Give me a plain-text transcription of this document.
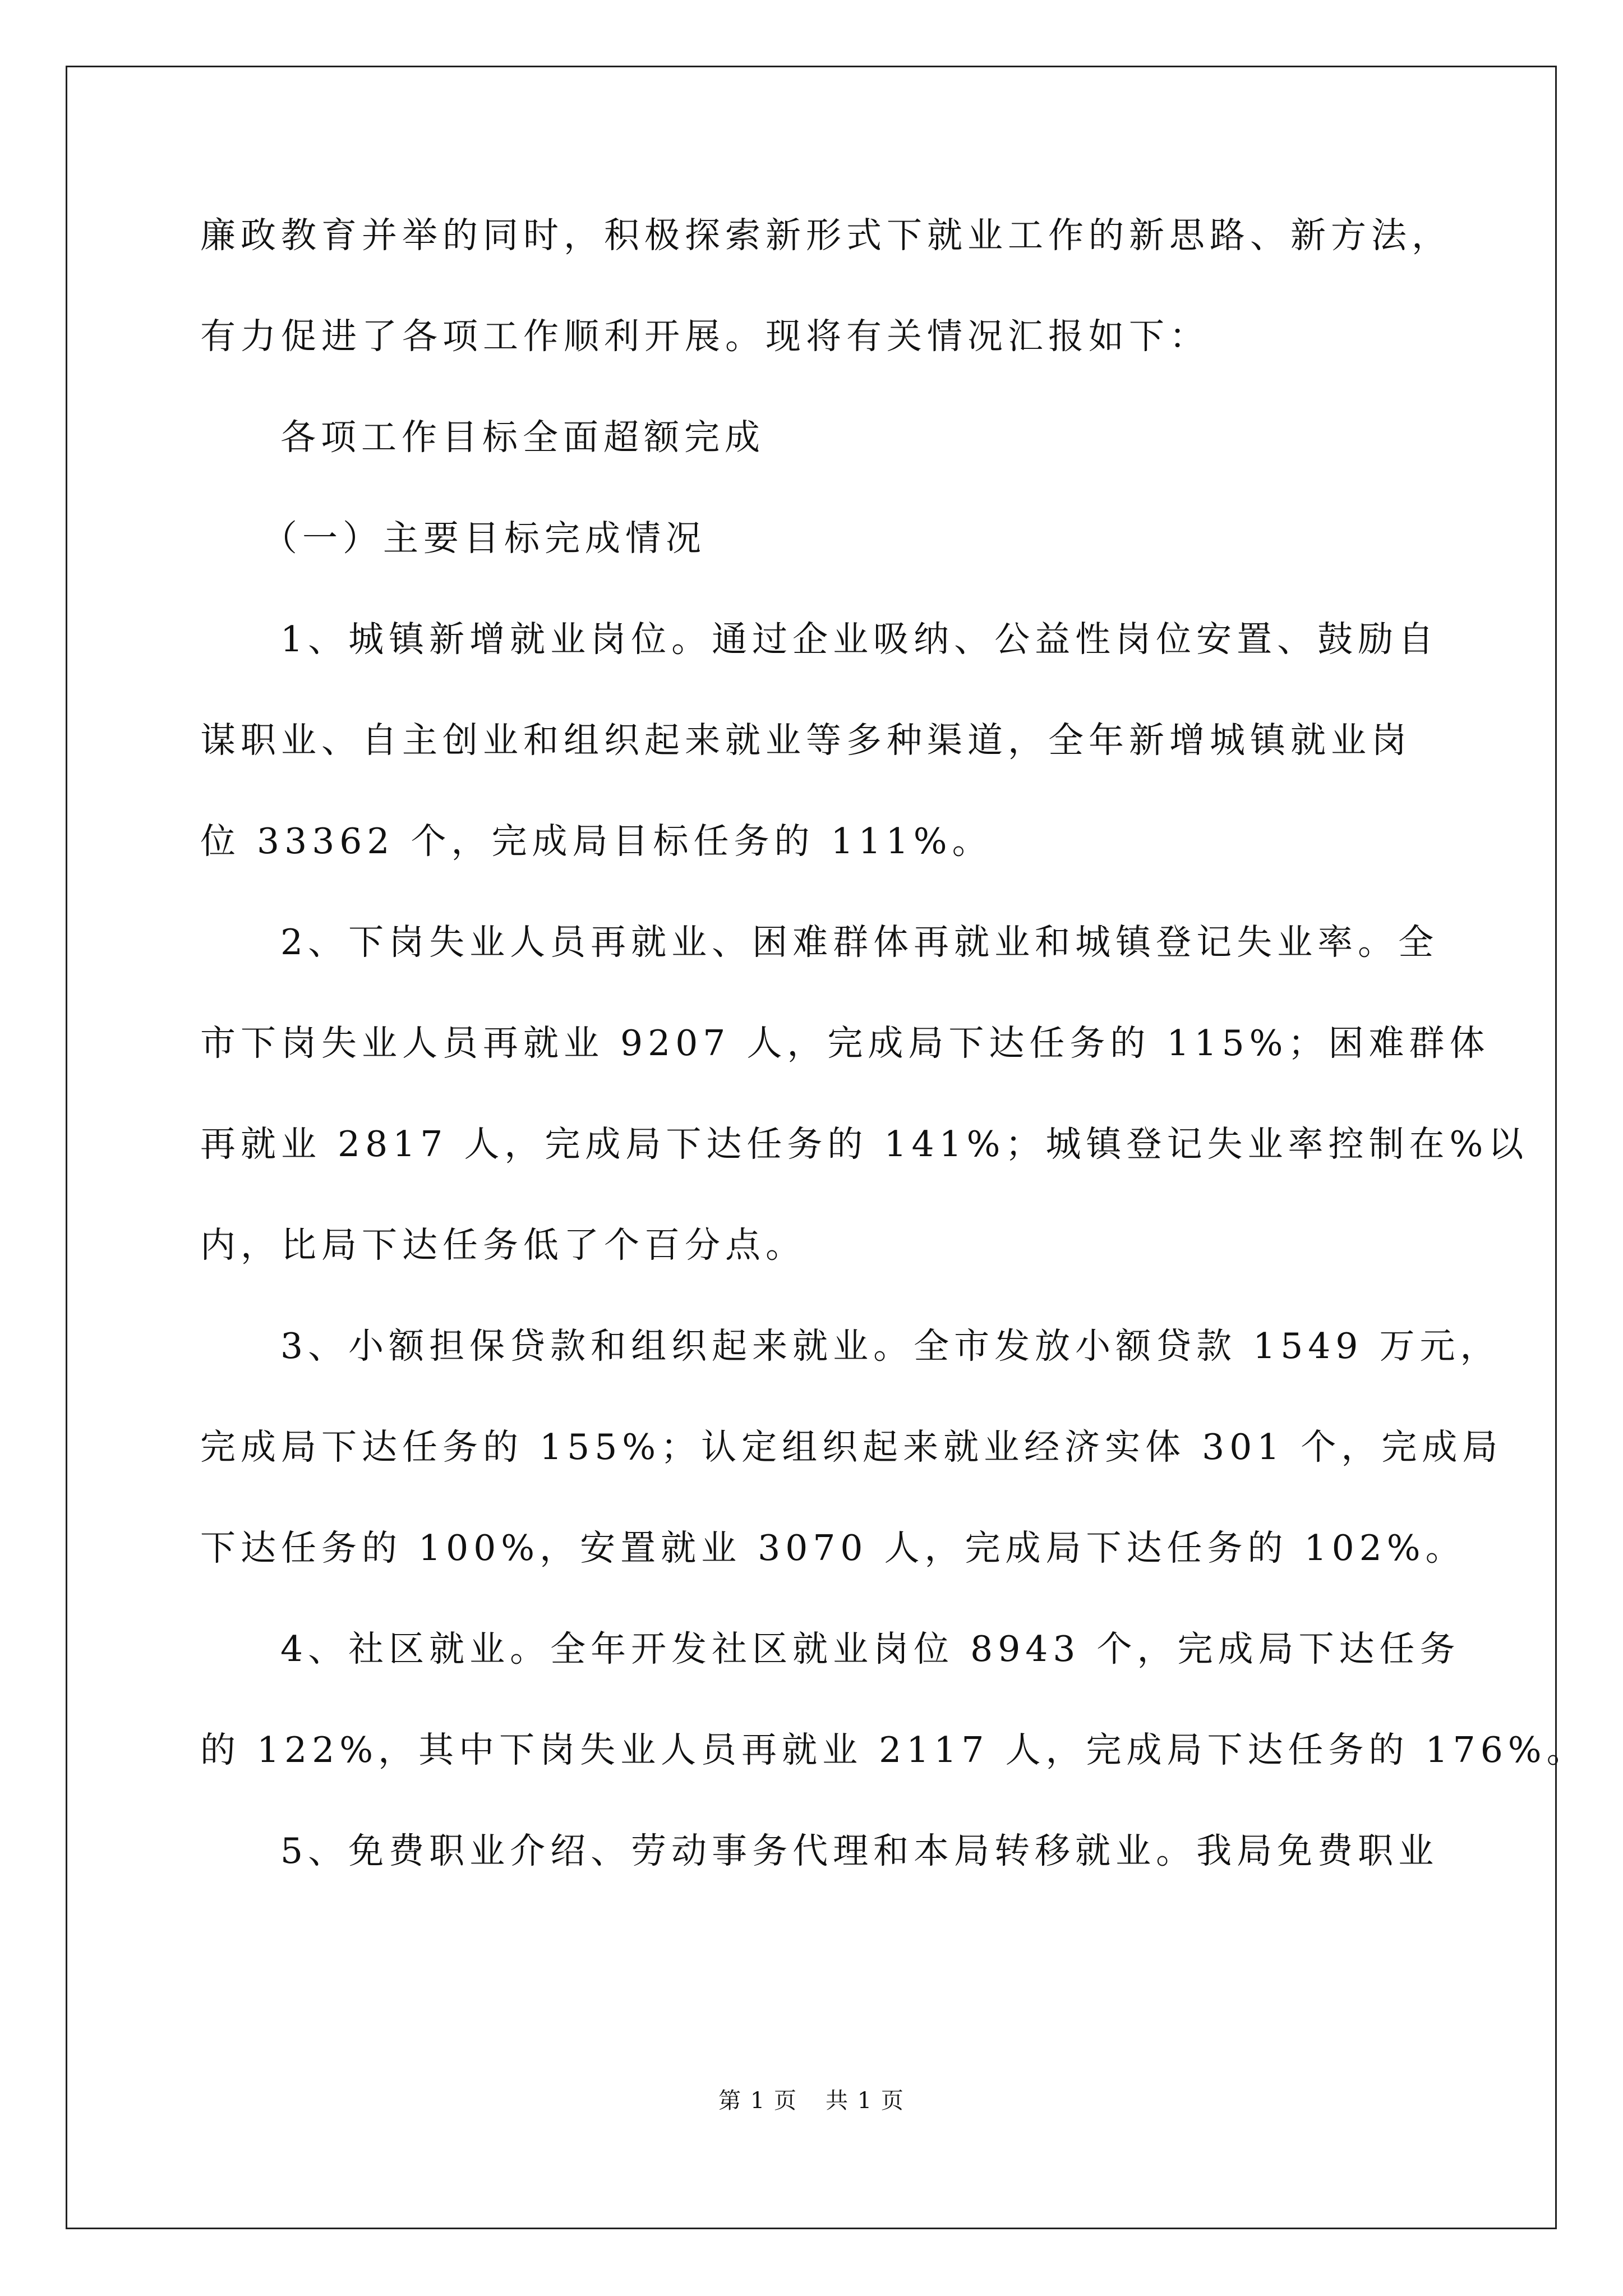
廉政教育并举的同时，积极探索新形式下就业工作的新思路、新方法，
有力促进了各项工作顺利开展。现将有关情况汇报如下：
各项工作目标全面超额完成
（一）主要目标完成情况
1、城镇新增就业岗位。通过企业吸纳、公益性岗位安置、鼓励自
谋职业、自主创业和组织起来就业等多种渠道，全年新增城镇就业岗
位 33362 个，完成局目标任务的 111%。
2、下岗失业人员再就业、困难群体再就业和城镇登记失业率。全
市下岗失业人员再就业 9207 人，完成局下达任务的 115%；困难群体
再就业 2817 人，完成局下达任务的 141%；城镇登记失业率控制在%以
内，比局下达任务低了个百分点。
3、小额担保贷款和组织起来就业。全市发放小额贷款 1549 万元，
完成局下达任务的 155%；认定组织起来就业经济实体 301 个，完成局
下达任务的 100%，安置就业 3070 人，完成局下达任务的 102%。
4、社区就业。全年开发社区就业岗位 8943 个，完成局下达任务
的 122%，其中下岗失业人员再就业 2117 人，完成局下达任务的 176%。
5、免费职业介绍、劳动事务代理和本局转移就业。我局免费职业
第 1 页 共 1 页
